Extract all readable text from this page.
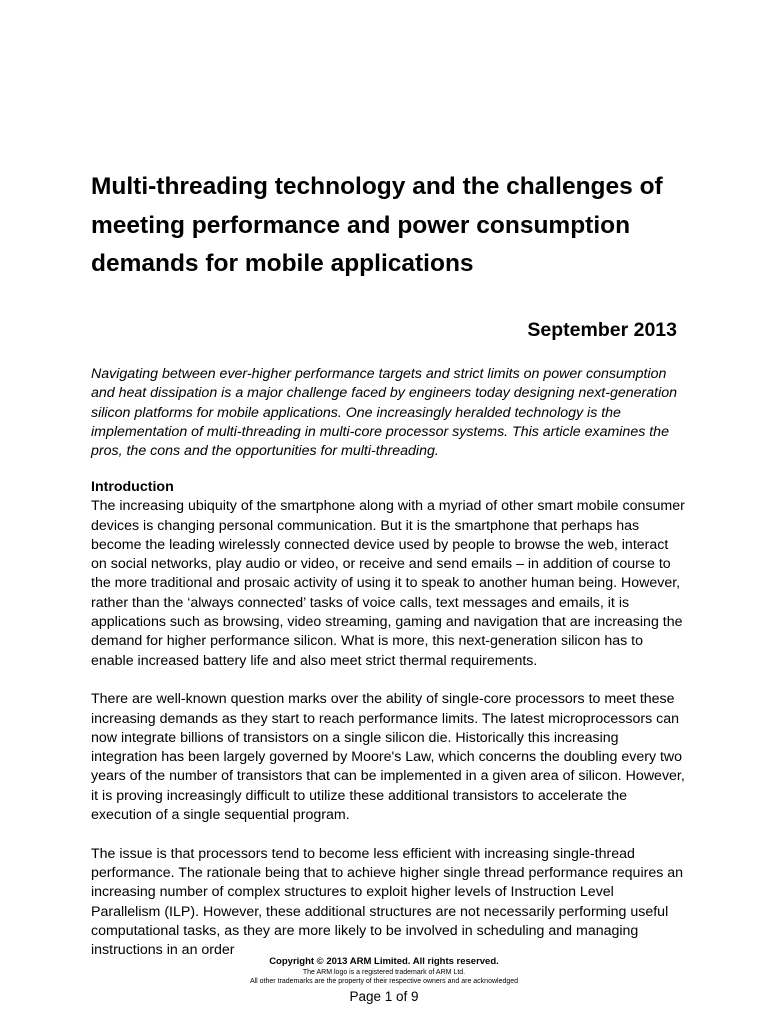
Multi-threading technology and the challenges of meeting performance and power consumption demands for mobile applications

September 2013

Navigating between ever-higher performance targets and strict limits on power consumption and heat dissipation is a major challenge faced by engineers today designing next-generation silicon platforms for mobile applications. One increasingly heralded technology is the implementation of multi-threading in multi-core processor systems. This article examines the pros, the cons and the opportunities for multi-threading.

Introduction

The increasing ubiquity of the smartphone along with a myriad of other smart mobile consumer devices is changing personal communication. But it is the smartphone that perhaps has become the leading wirelessly connected device used by people to browse the web, interact on social networks, play audio or video, or receive and send emails – in addition of course to the more traditional and prosaic activity of using it to speak to another human being. However, rather than the ‘always connected’ tasks of voice calls, text messages and emails, it is applications such as browsing, video streaming, gaming and navigation that are increasing the demand for higher performance silicon. What is more, this next-generation silicon has to enable increased battery life and also meet strict thermal requirements.

There are well-known question marks over the ability of single-core processors to meet these increasing demands as they start to reach performance limits. The latest microprocessors can now integrate billions of transistors on a single silicon die. Historically this increasing integration has been largely governed by Moore's Law, which concerns the doubling every two years of the number of transistors that can be implemented in a given area of silicon. However, it is proving increasingly difficult to utilize these additional transistors to accelerate the execution of a single sequential program.

The issue is that processors tend to become less efficient with increasing single-thread performance. The rationale being that to achieve higher single thread performance requires an increasing number of complex structures to exploit higher levels of Instruction Level Parallelism (ILP). However, these additional structures are not necessarily performing useful computational tasks, as they are more likely to be involved in scheduling and managing instructions in an order

Copyright © 2013 ARM Limited. All rights reserved.

The ARM logo is a registered trademark of ARM Ltd.

All other trademarks are the property of their respective owners and are acknowledged

Page 1 of 9
